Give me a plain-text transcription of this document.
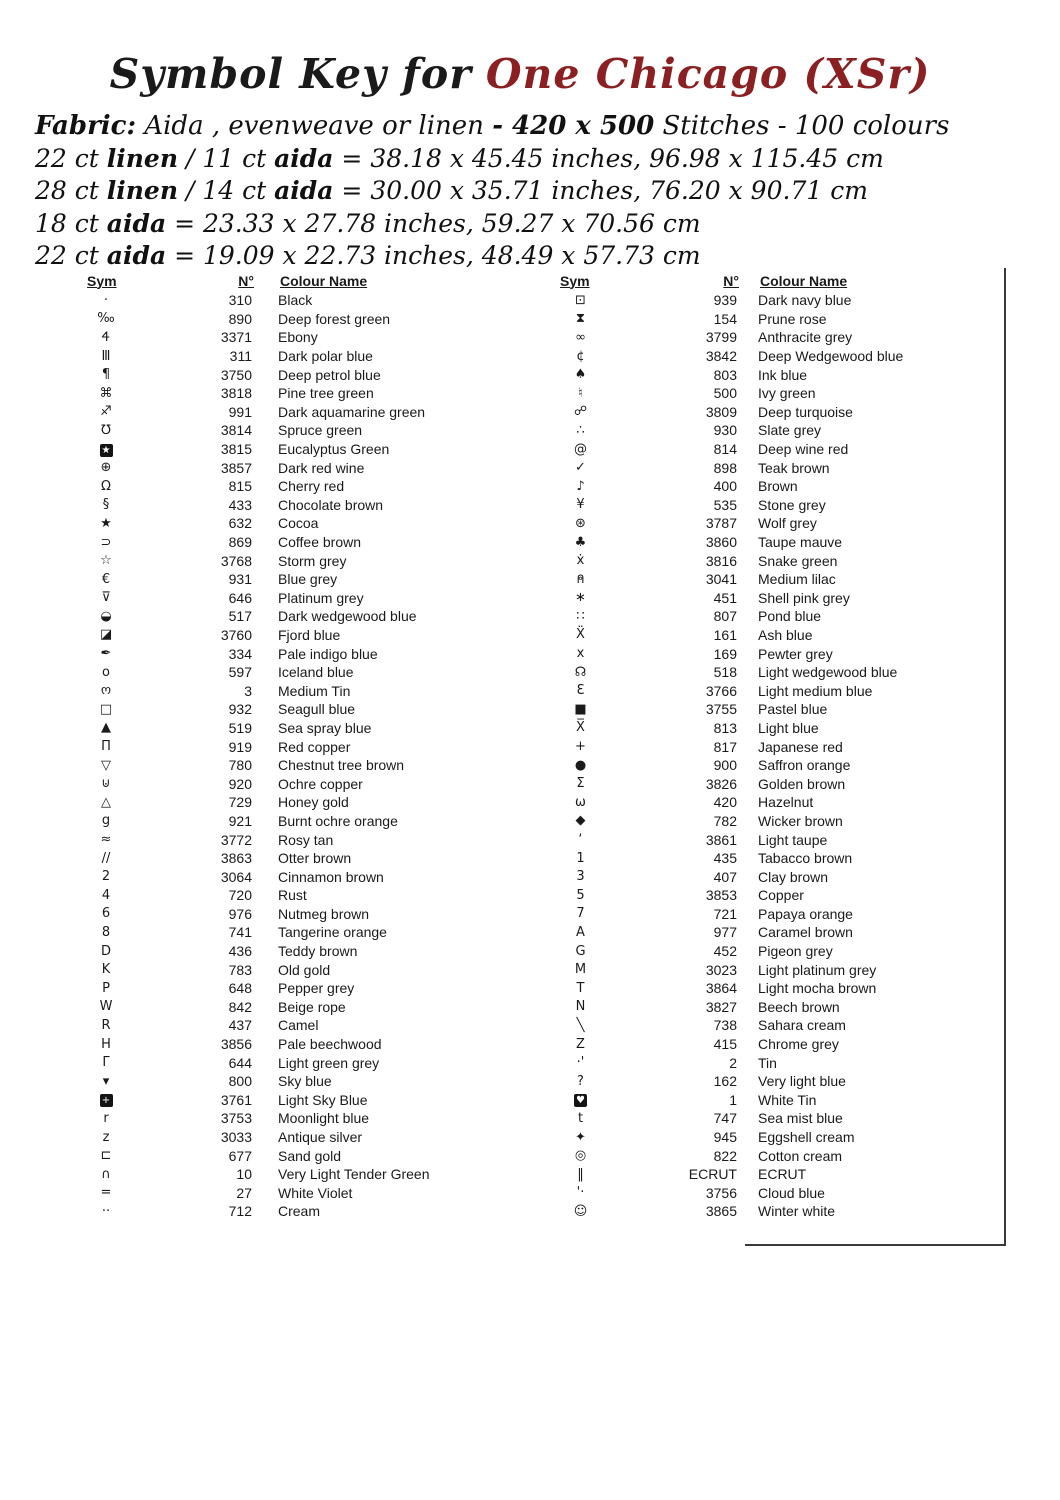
Symbol Key for One Chicago (XSr)
Fabric: Aida , evenweave or linen - 420 x 500 Stitches - 100 colours
22 ct linen / 11 ct aida = 38.18 x 45.45 inches, 96.98 x 115.45 cm
28 ct linen / 14 ct aida = 30.00 x 35.71 inches, 76.20 x 90.71 cm
18 ct aida = 23.33 x 27.78 inches, 59.27 x 70.56 cm
22 ct aida = 19.09 x 22.73 inches, 48.49 x 57.73 cm
Sym	N°	Colour Name
·	310	Black
‰	890	Deep forest green
Ꮞ	3371	Ebony
Ⅲ	311	Dark polar blue
¶	3750	Deep petrol blue
⌘	3818	Pine tree green
♐	991	Dark aquamarine green
℧	3814	Spruce green
★	3815	Eucalyptus Green
⊕	3857	Dark red wine
Ω	815	Cherry red
§	433	Chocolate brown
★	632	Cocoa
⊃	869	Coffee brown
☆	3768	Storm grey
€	931	Blue grey
⊽	646	Platinum grey
◒	517	Dark wedgewood blue
◪	3760	Fjord blue
✒	334	Pale indigo blue
o	597	Iceland blue
ო	3	Medium Tin
□	932	Seagull blue
▲	519	Sea spray blue
Π	919	Red copper
▽	780	Chestnut tree brown
⊍	920	Ochre copper
△	729	Honey gold
g	921	Burnt ochre orange
≈	3772	Rosy tan
//	3863	Otter brown
2	3064	Cinnamon brown
4	720	Rust
6	976	Nutmeg brown
8	741	Tangerine orange
D	436	Teddy brown
K	783	Old gold
P	648	Pepper grey
W	842	Beige rope
R	437	Camel
H	3856	Pale beechwood
Γ	644	Light green grey
▾	800	Sky blue
+	3761	Light Sky Blue
r	3753	Moonlight blue
z	3033	Antique silver
⊏	677	Sand gold
∩	10	Very Light Tender Green
=	27	White Violet
··	712	Cream
Sym	N°	Colour Name
⊡	939	Dark navy blue
⧗	154	Prune rose
∞	3799	Anthracite grey
¢	3842	Deep Wedgewood blue
♠	803	Ink blue
♮	500	Ivy green
☍	3809	Deep turquoise
∴	930	Slate grey
@	814	Deep wine red
✓	898	Teak brown
♪	400	Brown
¥	535	Stone grey
⊛	3787	Wolf grey
♣	3860	Taupe mauve
ẋ	3816	Snake green
⍝	3041	Medium lilac
∗	451	Shell pink grey
∷	807	Pond blue
Ẍ	161	Ash blue
x	169	Pewter grey
☊	518	Light wedgewood blue
Ɛ	3766	Light medium blue
■	3755	Pastel blue
X̅	813	Light blue
+	817	Japanese red
●	900	Saffron orange
Σ	3826	Golden brown
ω	420	Hazelnut
◆	782	Wicker brown
ʻ	3861	Light taupe
1	435	Tabacco brown
3	407	Clay brown
5	3853	Copper
7	721	Papaya orange
A	977	Caramel brown
G	452	Pigeon grey
M	3023	Light platinum grey
T	3864	Light mocha brown
N	3827	Beech brown
╲	738	Sahara cream
Z	415	Chrome grey
·'	2	Tin
?	162	Very light blue
♥	1	White Tin
t	747	Sea mist blue
✦	945	Eggshell cream
◎	822	Cotton cream
‖	ECRUT	ECRUT
'·	3756	Cloud blue
☺	3865	Winter white
